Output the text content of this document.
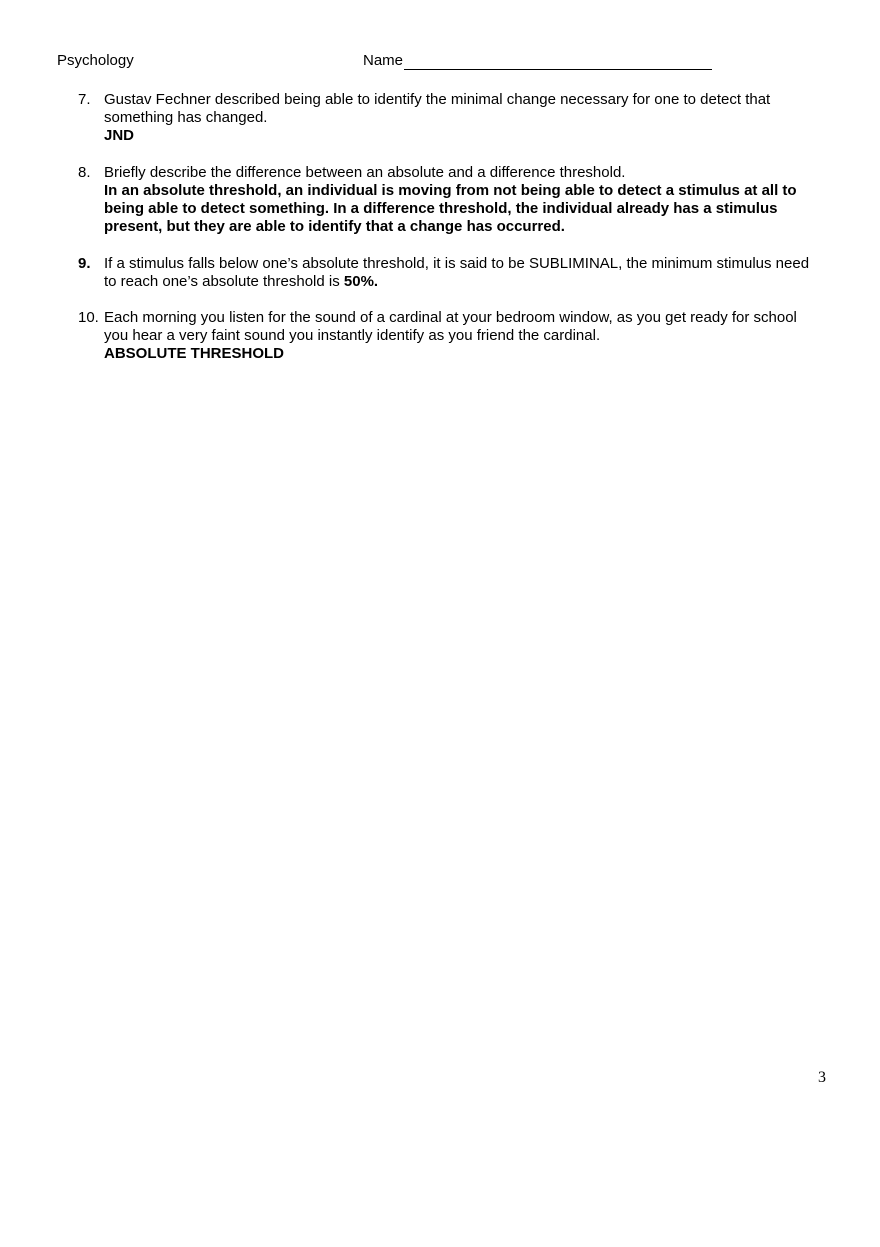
Psychology	Name
7. Gustav Fechner described being able to identify the minimal change necessary for one to detect that something has changed.
JND
8. Briefly describe the difference between an absolute and a difference threshold.
In an absolute threshold, an individual is moving from not being able to detect a stimulus at all to being able to detect something. In a difference threshold, the individual already has a stimulus present, but they are able to identify that a change has occurred.
9. If a stimulus falls below one’s absolute threshold, it is said to be SUBLIMINAL, the minimum stimulus need to reach one’s absolute threshold is 50%.
10. Each morning you listen for the sound of a cardinal at your bedroom window, as you get ready for school you hear a very faint sound you instantly identify as you friend the cardinal.
ABSOLUTE THRESHOLD
3
